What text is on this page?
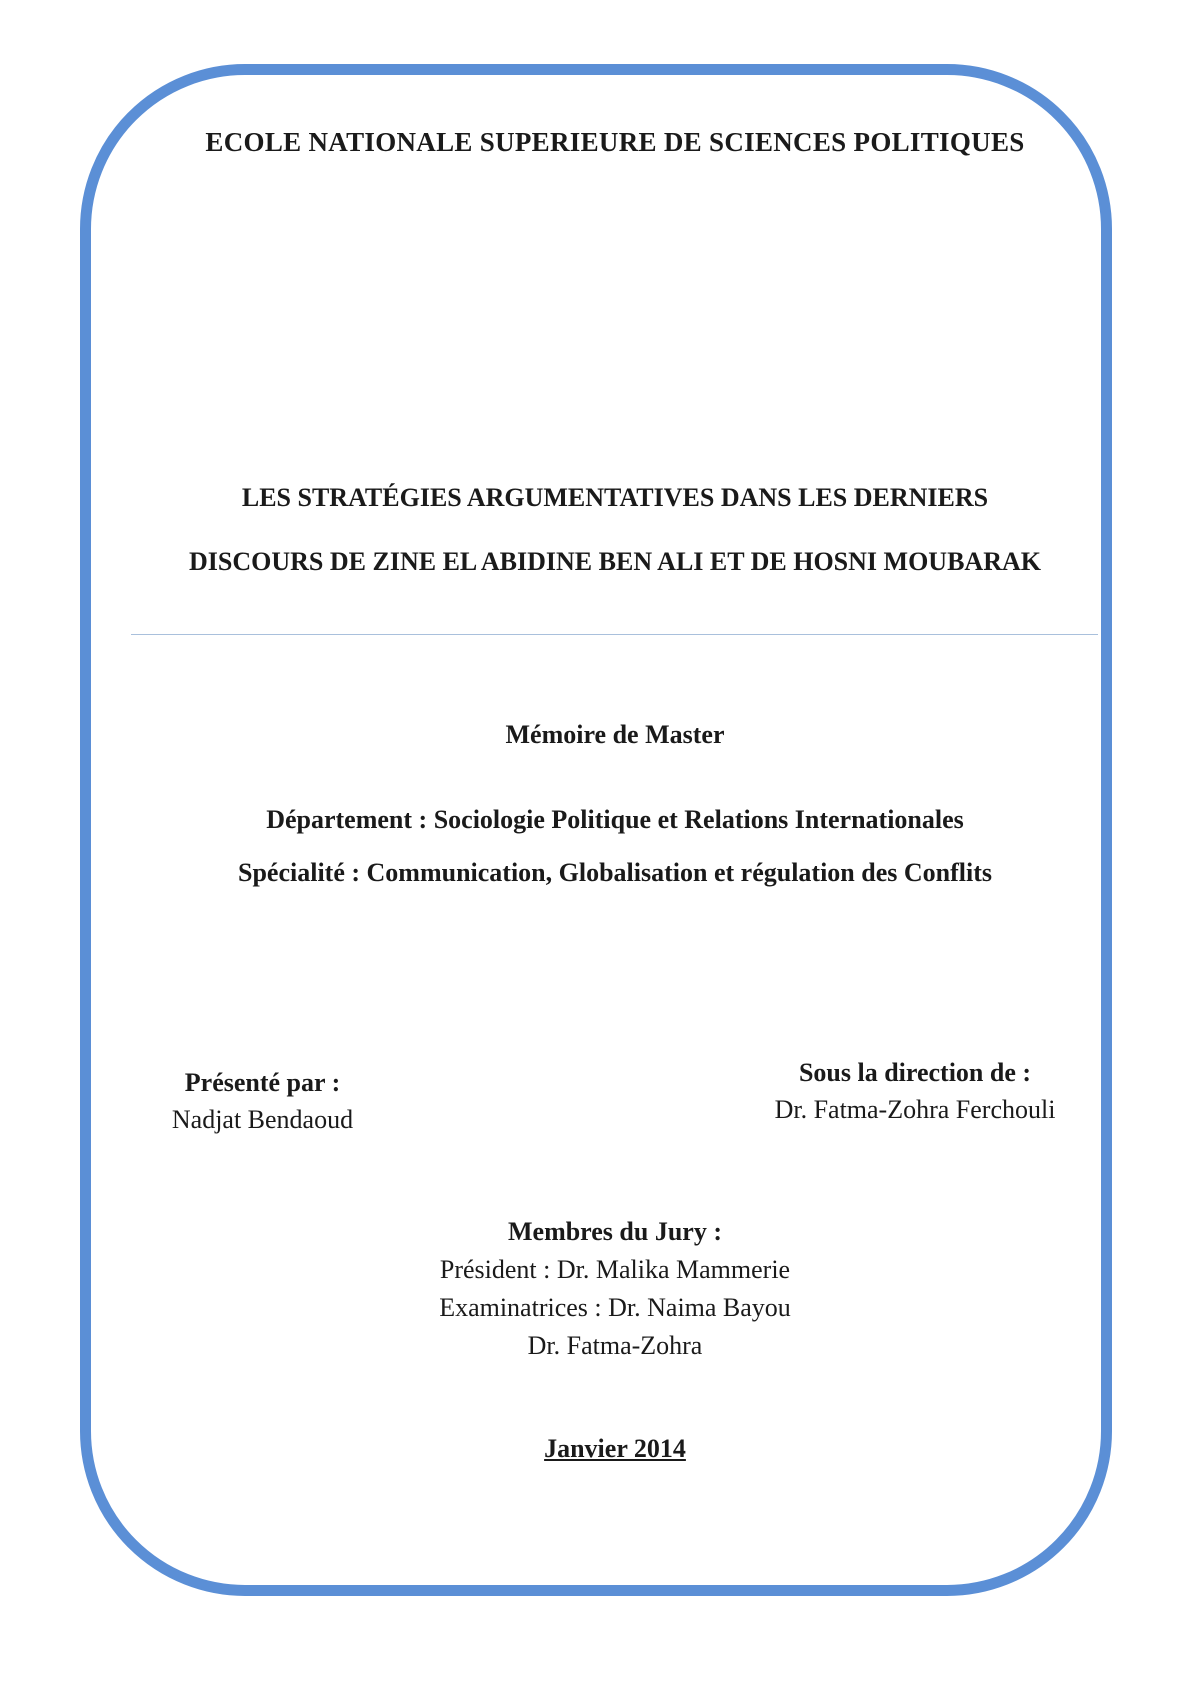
ECOLE NATIONALE SUPERIEURE DE SCIENCES POLITIQUES
LES STRATÉGIES ARGUMENTATIVES DANS LES DERNIERS
DISCOURS DE ZINE EL ABIDINE BEN ALI ET DE HOSNI MOUBARAK
Mémoire de Master
Département : Sociologie Politique et Relations Internationales
Spécialité : Communication, Globalisation et régulation des Conflits
Présenté par :
Nadjat Bendaoud
Sous la direction de :
Dr. Fatma-Zohra Ferchouli
Membres du Jury :
Président : Dr. Malika Mammerie
Examinatrices : Dr. Naima Bayou
Dr. Fatma-Zohra
Janvier 2014
